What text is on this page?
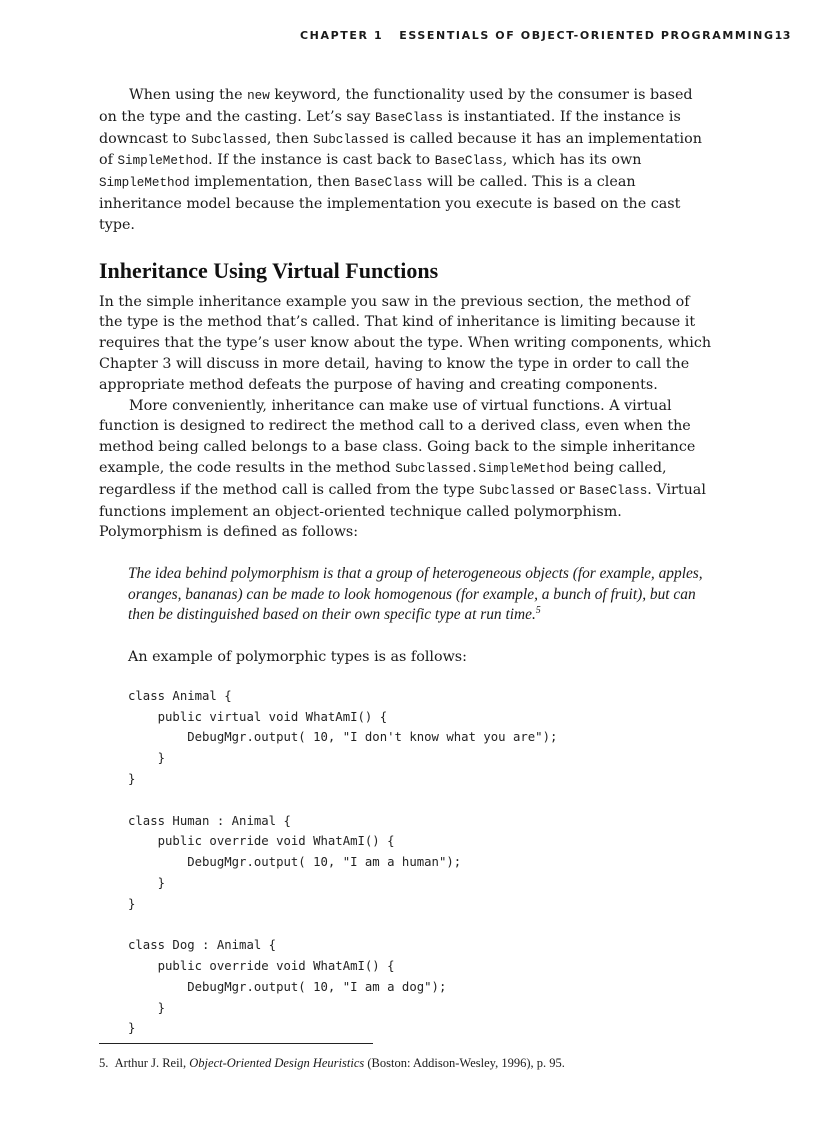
CHAPTER 1 ESSENTIALS OF OBJECT-ORIENTED PROGRAMMING 13

When using the new keyword, the functionality used by the consumer is based on the type and the casting. Let’s say BaseClass is instantiated. If the instance is downcast to Subclassed, then Subclassed is called because it has an implementation of SimpleMethod. If the instance is cast back to BaseClass, which has its own SimpleMethod implementation, then BaseClass will be called. This is a clean inheritance model because the implementation you execute is based on the cast type.

Inheritance Using Virtual Functions

In the simple inheritance example you saw in the previous section, the method of the type is the method that’s called. That kind of inheritance is limiting because it requires that the type’s user know about the type. When writing components, which Chapter 3 will discuss in more detail, having to know the type in order to call the appropriate method defeats the purpose of having and creating components.

More conveniently, inheritance can make use of virtual functions. A virtual function is designed to redirect the method call to a derived class, even when the method being called belongs to a base class. Going back to the simple inheritance example, the code results in the method Subclassed.SimpleMethod being called, regardless if the method call is called from the type Subclassed or BaseClass. Virtual functions implement an object-oriented technique called polymorphism. Polymorphism is defined as follows:

The idea behind polymorphism is that a group of heterogeneous objects (for example, apples, oranges, bananas) can be made to look homogenous (for example, a bunch of fruit), but can then be distinguished based on their own specific type at run time.$^5$

An example of polymorphic types is as follows:

class Animal {
public virtual void WhatAmI() {
DebugMgr.output( 10, "I don't know what you are");
}
}

class Human : Animal {
public override void WhatAmI() {
DebugMgr.output( 10, "I am a human");
}
}

class Dog : Animal {
public override void WhatAmI() {
DebugMgr.output( 10, "I am a dog");
}
}
5. Arthur J. Reil, Object-Oriented Design Heuristics (Boston: Addison-Wesley, 1996), p. 95.
